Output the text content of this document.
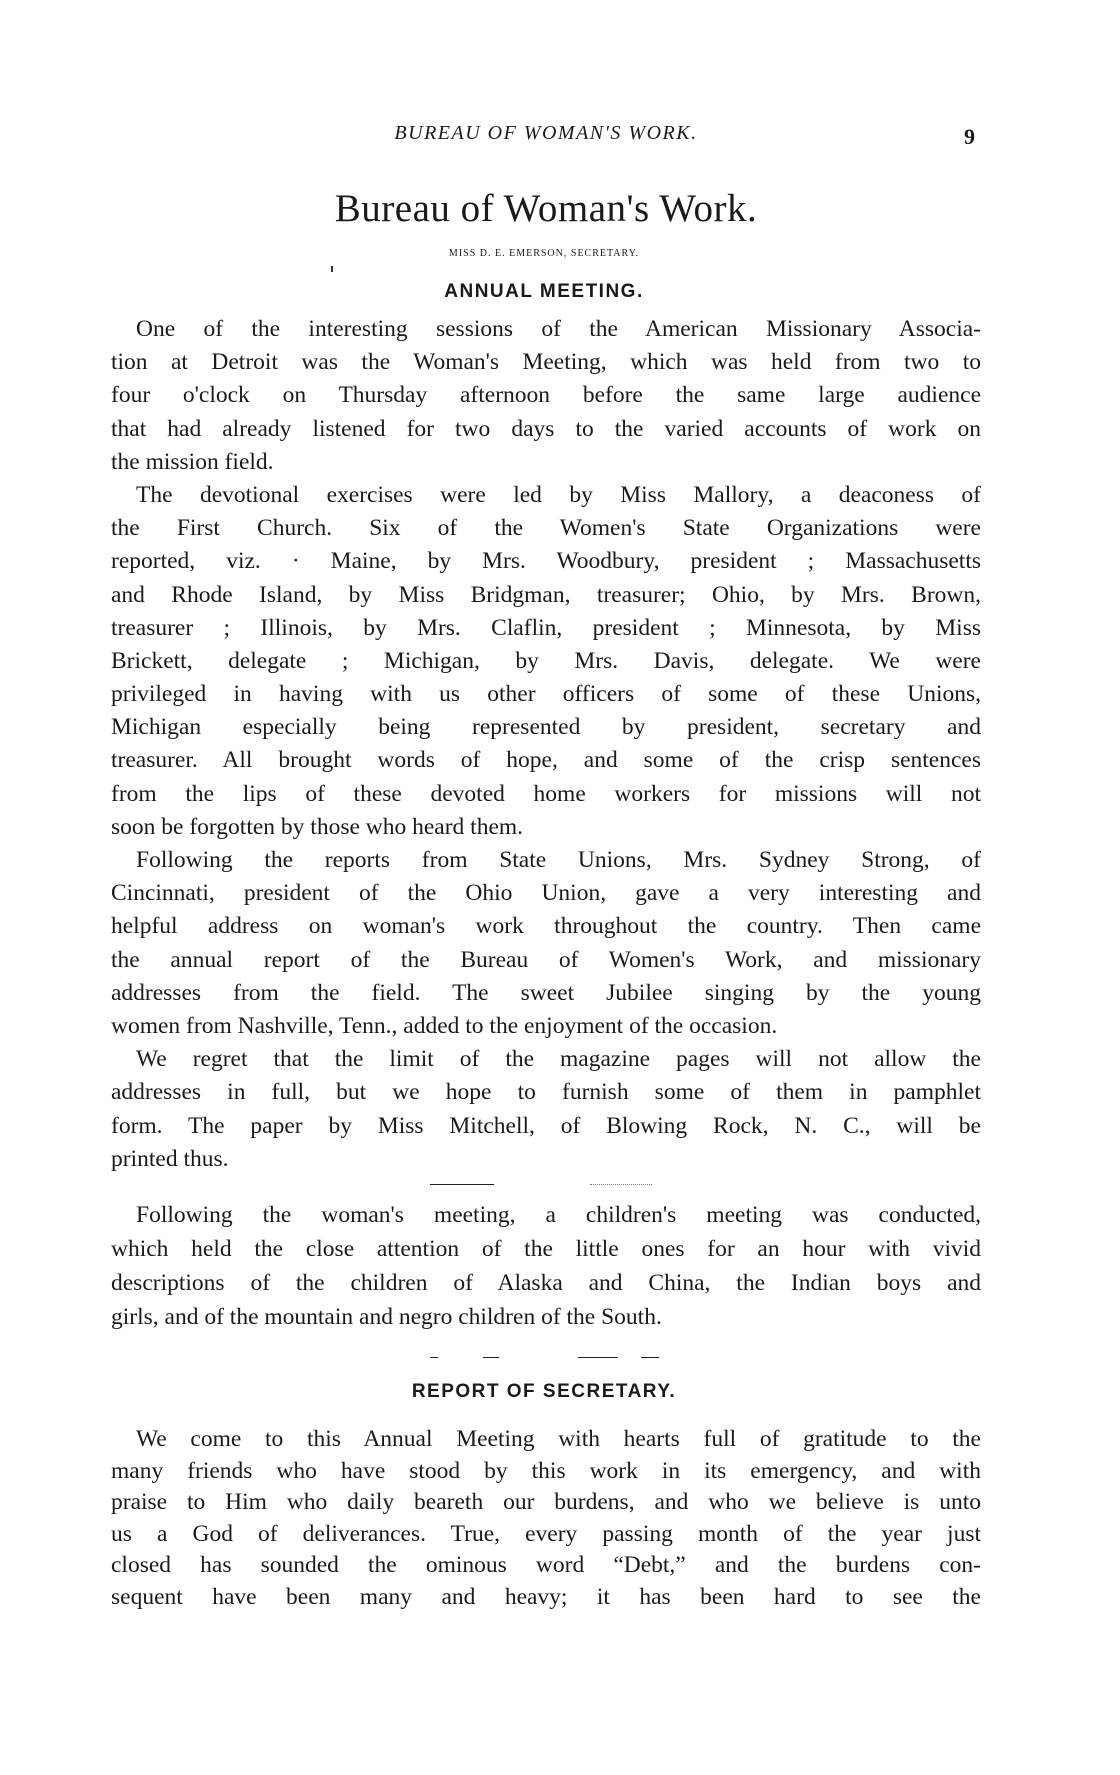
BUREAU OF WOMAN'S WORK.	9
Bureau of Woman's Work.
MISS D. E. EMERSON, SECRETARY.
ANNUAL MEETING.
One of the interesting sessions of the American Missionary Associa-
tion at Detroit was the Woman's Meeting, which was held from two to
four o'clock on Thursday afternoon before the same large audience
that had already listened for two days to the varied accounts of work on
the mission field.
The devotional exercises were led by Miss Mallory, a deaconess of
the First Church. Six of the Women's State Organizations were
reported, viz. · Maine, by Mrs. Woodbury, president ; Massachusetts
and Rhode Island, by Miss Bridgman, treasurer; Ohio, by Mrs. Brown,
treasurer ; Illinois, by Mrs. Claflin, president ; Minnesota, by Miss
Brickett, delegate ; Michigan, by Mrs. Davis, delegate. We were
privileged in having with us other officers of some of these Unions,
Michigan especially being represented by president, secretary and
treasurer. All brought words of hope, and some of the crisp sentences
from the lips of these devoted home workers for missions will not
soon be forgotten by those who heard them.
Following the reports from State Unions, Mrs. Sydney Strong, of
Cincinnati, president of the Ohio Union, gave a very interesting and
helpful address on woman's work throughout the country. Then came
the annual report of the Bureau of Women's Work, and missionary
addresses from the field. The sweet Jubilee singing by the young
women from Nashville, Tenn., added to the enjoyment of the occasion.
We regret that the limit of the magazine pages will not allow the
addresses in full, but we hope to furnish some of them in pamphlet
form. The paper by Miss Mitchell, of Blowing Rock, N. C., will be
printed thus.
Following the woman's meeting, a children's meeting was conducted,
which held the close attention of the little ones for an hour with vivid
descriptions of the children of Alaska and China, the Indian boys and
girls, and of the mountain and negro children of the South.
REPORT OF SECRETARY.
We come to this Annual Meeting with hearts full of gratitude to the
many friends who have stood by this work in its emergency, and with
praise to Him who daily beareth our burdens, and who we believe is unto
us a God of deliverances. True, every passing month of the year just
closed has sounded the ominous word “Debt,” and the burdens con-
sequent have been many and heavy; it has been hard to see the
